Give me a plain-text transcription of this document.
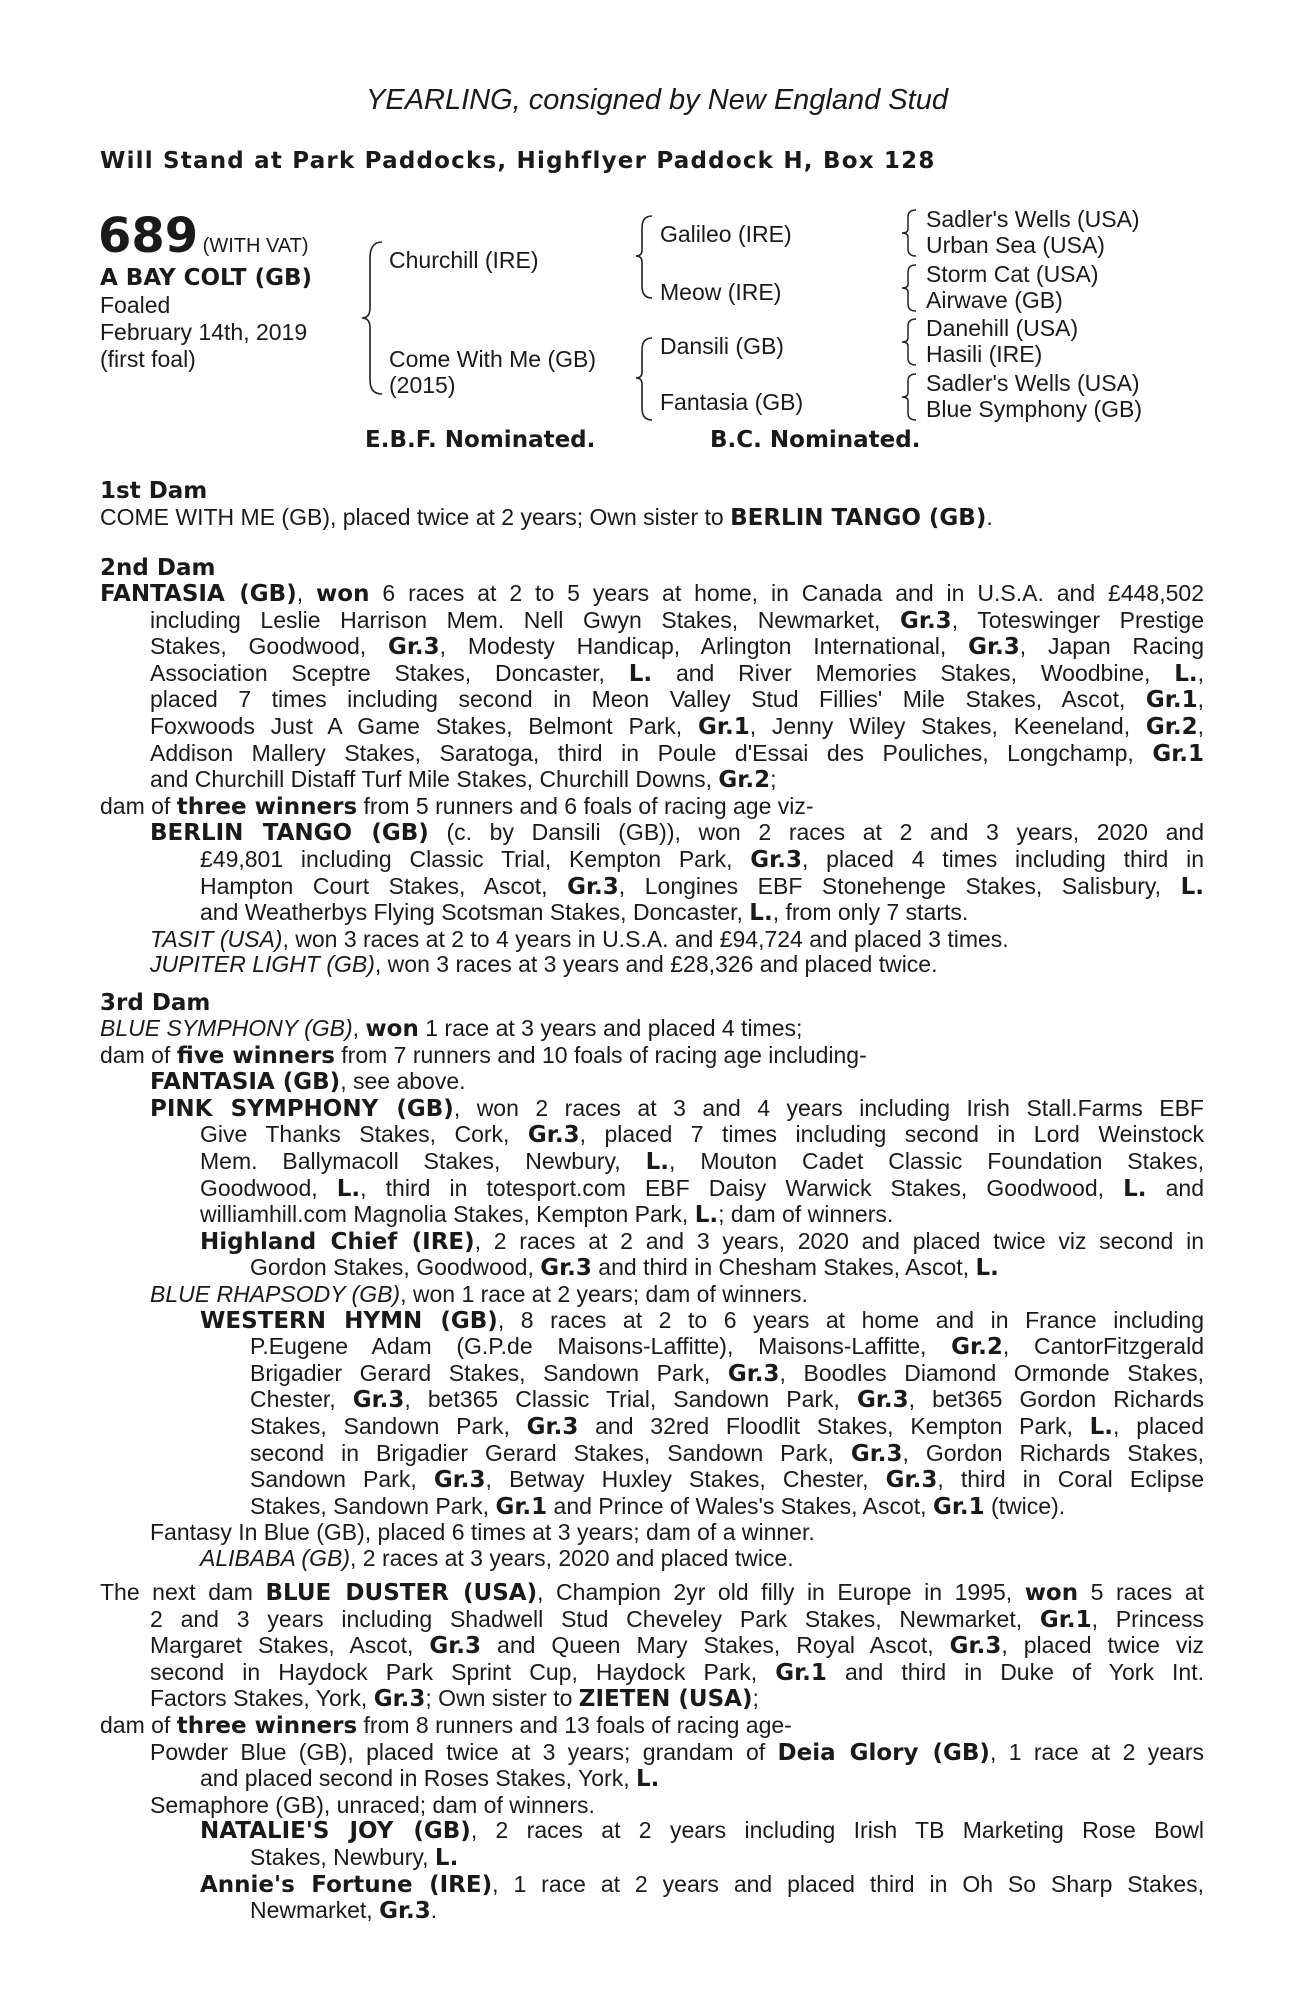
YEARLING, consigned by New England Stud
Will Stand at Park Paddocks, Highflyer Paddock H, Box 128
689 (WITH VAT)
A BAY COLT (GB)
Foaled
February 14th, 2019
(first foal)
Churchill (IRE)
Come With Me (GB)
(2015)
Galileo (IRE)
Meow (IRE)
Dansili (GB)
Fantasia (GB)
Sadler's Wells (USA)
Urban Sea (USA)
Storm Cat (USA)
Airwave (GB)
Danehill (USA)
Hasili (IRE)
Sadler's Wells (USA)
Blue Symphony (GB)
E.B.F. Nominated.	B.C. Nominated.
1st Dam
COME WITH ME (GB), placed twice at 2 years; Own sister to BERLIN TANGO (GB).
2nd Dam
FANTASIA (GB), won 6 races at 2 to 5 years at home, in Canada and in U.S.A. and £448,502
including Leslie Harrison Mem. Nell Gwyn Stakes, Newmarket, Gr.3, Toteswinger Prestige
Stakes, Goodwood, Gr.3, Modesty Handicap, Arlington International, Gr.3, Japan Racing
Association Sceptre Stakes, Doncaster, L. and River Memories Stakes, Woodbine, L.,
placed 7 times including second in Meon Valley Stud Fillies' Mile Stakes, Ascot, Gr.1,
Foxwoods Just A Game Stakes, Belmont Park, Gr.1, Jenny Wiley Stakes, Keeneland, Gr.2,
Addison Mallery Stakes, Saratoga, third in Poule d'Essai des Pouliches, Longchamp, Gr.1
and Churchill Distaff Turf Mile Stakes, Churchill Downs, Gr.2;
dam of three winners from 5 runners and 6 foals of racing age viz-
BERLIN TANGO (GB) (c. by Dansili (GB)), won 2 races at 2 and 3 years, 2020 and
£49,801 including Classic Trial, Kempton Park, Gr.3, placed 4 times including third in
Hampton Court Stakes, Ascot, Gr.3, Longines EBF Stonehenge Stakes, Salisbury, L.
and Weatherbys Flying Scotsman Stakes, Doncaster, L., from only 7 starts.
TASIT (USA), won 3 races at 2 to 4 years in U.S.A. and £94,724 and placed 3 times.
JUPITER LIGHT (GB), won 3 races at 3 years and £28,326 and placed twice.
3rd Dam
BLUE SYMPHONY (GB), won 1 race at 3 years and placed 4 times;
dam of five winners from 7 runners and 10 foals of racing age including-
FANTASIA (GB), see above.
PINK SYMPHONY (GB), won 2 races at 3 and 4 years including Irish Stall.Farms EBF
Give Thanks Stakes, Cork, Gr.3, placed 7 times including second in Lord Weinstock
Mem. Ballymacoll Stakes, Newbury, L., Mouton Cadet Classic Foundation Stakes,
Goodwood, L., third in totesport.com EBF Daisy Warwick Stakes, Goodwood, L. and
williamhill.com Magnolia Stakes, Kempton Park, L.; dam of winners.
Highland Chief (IRE), 2 races at 2 and 3 years, 2020 and placed twice viz second in
Gordon Stakes, Goodwood, Gr.3 and third in Chesham Stakes, Ascot, L.
BLUE RHAPSODY (GB), won 1 race at 2 years; dam of winners.
WESTERN HYMN (GB), 8 races at 2 to 6 years at home and in France including
P.Eugene Adam (G.P.de Maisons-Laffitte), Maisons-Laffitte, Gr.2, CantorFitzgerald
Brigadier Gerard Stakes, Sandown Park, Gr.3, Boodles Diamond Ormonde Stakes,
Chester, Gr.3, bet365 Classic Trial, Sandown Park, Gr.3, bet365 Gordon Richards
Stakes, Sandown Park, Gr.3 and 32red Floodlit Stakes, Kempton Park, L., placed
second in Brigadier Gerard Stakes, Sandown Park, Gr.3, Gordon Richards Stakes,
Sandown Park, Gr.3, Betway Huxley Stakes, Chester, Gr.3, third in Coral Eclipse
Stakes, Sandown Park, Gr.1 and Prince of Wales's Stakes, Ascot, Gr.1 (twice).
Fantasy In Blue (GB), placed 6 times at 3 years; dam of a winner.
ALIBABA (GB), 2 races at 3 years, 2020 and placed twice.
The next dam BLUE DUSTER (USA), Champion 2yr old filly in Europe in 1995, won 5 races at
2 and 3 years including Shadwell Stud Cheveley Park Stakes, Newmarket, Gr.1, Princess
Margaret Stakes, Ascot, Gr.3 and Queen Mary Stakes, Royal Ascot, Gr.3, placed twice viz
second in Haydock Park Sprint Cup, Haydock Park, Gr.1 and third in Duke of York Int.
Factors Stakes, York, Gr.3; Own sister to ZIETEN (USA);
dam of three winners from 8 runners and 13 foals of racing age-
Powder Blue (GB), placed twice at 3 years; grandam of Deia Glory (GB), 1 race at 2 years
and placed second in Roses Stakes, York, L.
Semaphore (GB), unraced; dam of winners.
NATALIE'S JOY (GB), 2 races at 2 years including Irish TB Marketing Rose Bowl
Stakes, Newbury, L.
Annie's Fortune (IRE), 1 race at 2 years and placed third in Oh So Sharp Stakes,
Newmarket, Gr.3.
